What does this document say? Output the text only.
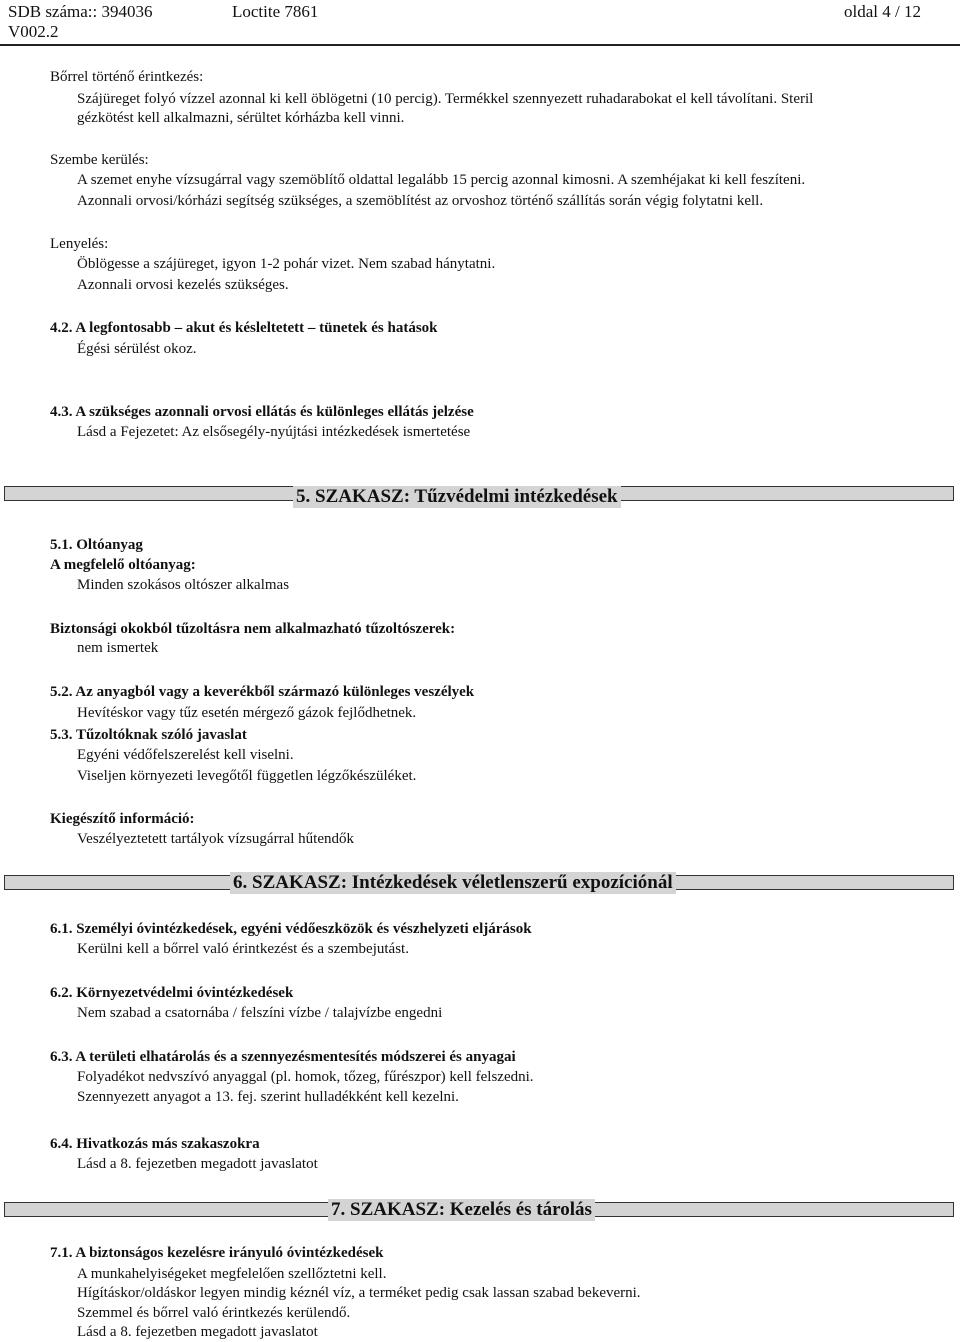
SDB száma:: 394036	Loctite 7861	oldal 4 / 12
V002.2
Bőrrel történő érintkezés:
Szájüreget folyó vízzel azonnal ki kell öblögetni (10 percig). Termékkel szennyezett ruhadarabokat el kell távolítani. Steril
gézkötést kell alkalmazni, sérültet kórházba kell vinni.
Szembe kerülés:
A szemet enyhe vízsugárral vagy szemöblítő oldattal legalább 15 percig azonnal kimosni. A szemhéjakat ki kell feszíteni.
Azonnali orvosi/kórházi segítség szükséges, a szemöblítést az orvoshoz történő szállítás során végig folytatni kell.
Lenyelés:
Öblögesse a szájüreget, igyon 1-2 pohár vizet. Nem szabad hánytatni.
Azonnali orvosi kezelés szükséges.
4.2. A legfontosabb – akut és késleltetett – tünetek és hatások
Égési sérülést okoz.
4.3. A szükséges azonnali orvosi ellátás és különleges ellátás jelzése
Lásd a Fejezetet: Az elsősegély-nyújtási intézkedések ismertetése
5. SZAKASZ: Tűzvédelmi intézkedések
5.1. Oltóanyag
A megfelelő oltóanyag:
Minden szokásos oltószer alkalmas
Biztonsági okokból tűzoltásra nem alkalmazható tűzoltószerek:
nem ismertek
5.2. Az anyagból vagy a keverékből származó különleges veszélyek
Hevítéskor vagy tűz esetén mérgező gázok fejlődhetnek.
5.3. Tűzoltóknak szóló javaslat
Egyéni védőfelszerelést kell viselni.
Viseljen környezeti levegőtől független légzőkészüléket.
Kiegészítő információ:
Veszélyeztetett tartályok vízsugárral hűtendők
6. SZAKASZ: Intézkedések véletlenszerű expozíciónál
6.1. Személyi óvintézkedések, egyéni védőeszközök és vészhelyzeti eljárások
Kerülni kell a bőrrel való érintkezést és a szembejutást.
6.2. Környezetvédelmi óvintézkedések
Nem szabad a csatornába / felszíni vízbe / talajvízbe engedni
6.3. A területi elhatárolás és a szennyezésmentesítés módszerei és anyagai
Folyadékot nedvszívó anyaggal (pl. homok, tőzeg, fűrészpor) kell felszedni.
Szennyezett anyagot a 13. fej. szerint hulladékként kell kezelni.
6.4. Hivatkozás más szakaszokra
Lásd a 8. fejezetben megadott javaslatot
7. SZAKASZ: Kezelés és tárolás
7.1. A biztonságos kezelésre irányuló óvintézkedések
A munkahelyiségeket megfelelően szellőztetni kell.
Hígításkor/oldáskor legyen mindig kéznél víz, a terméket pedig csak lassan szabad bekeverni.
Szemmel és bőrrel való érintkezés kerülendő.
Lásd a 8. fejezetben megadott javaslatot
